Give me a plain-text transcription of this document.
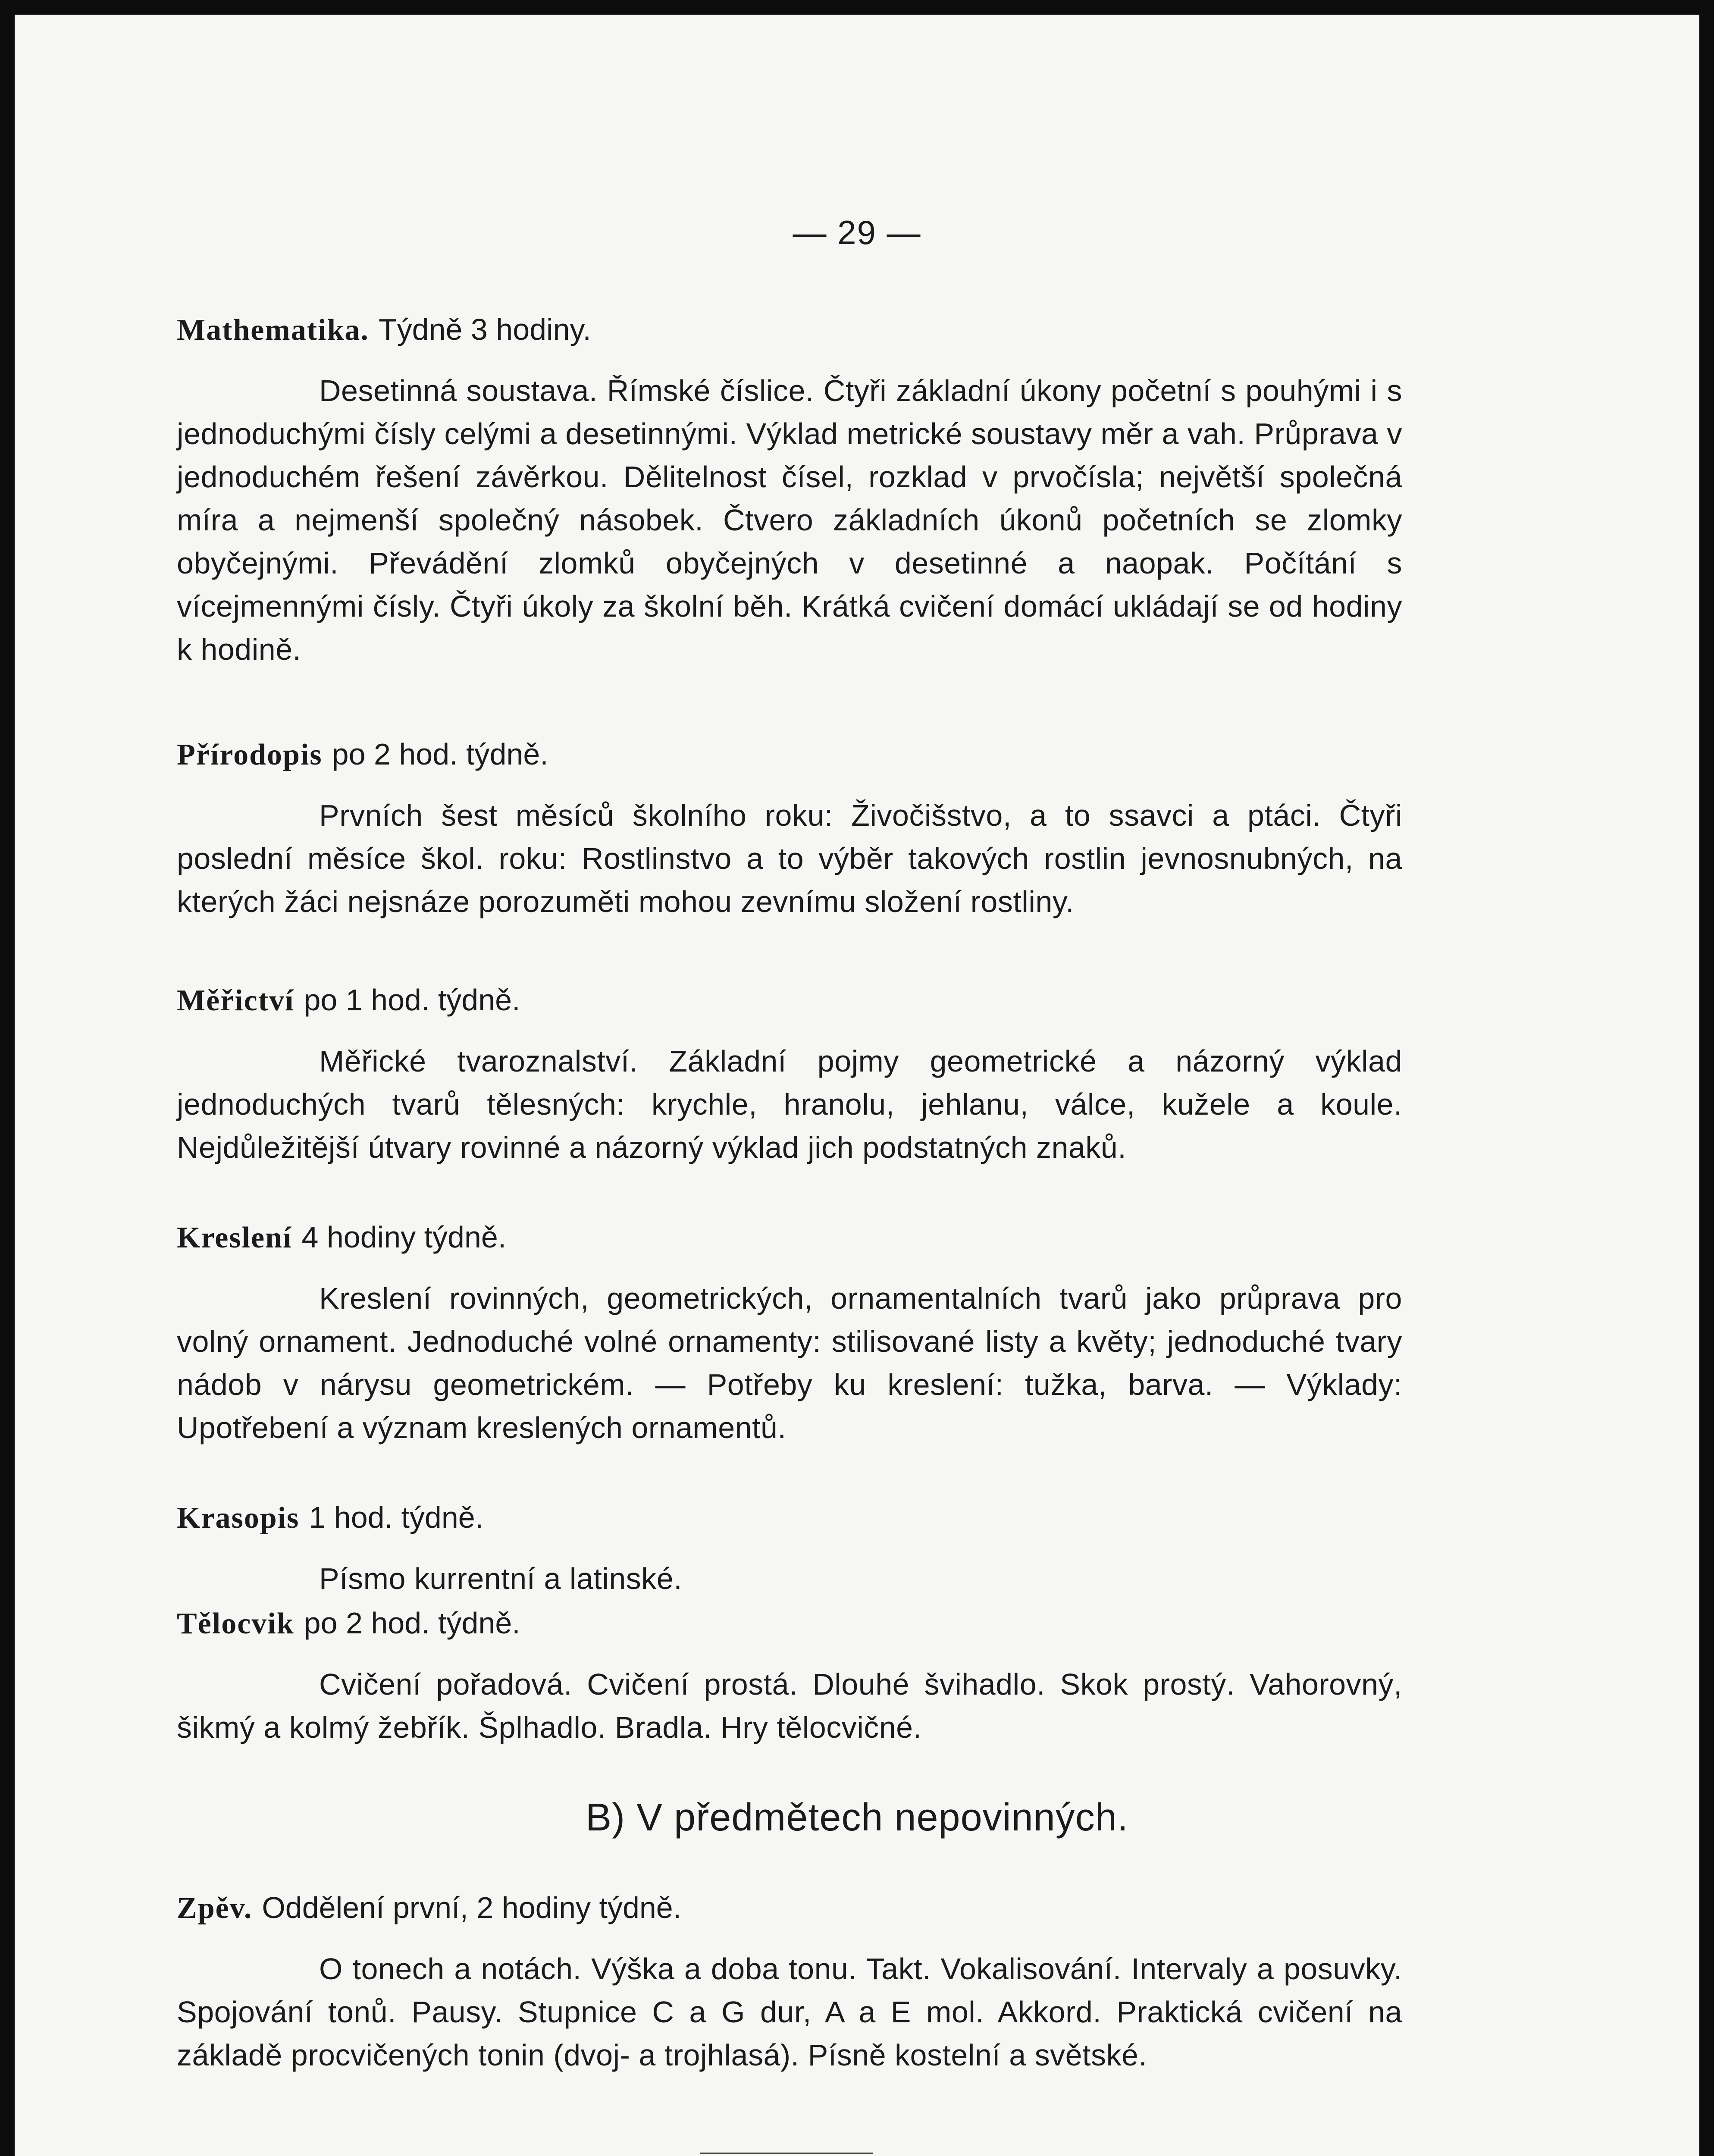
— 29 —

Mathematika. Týdně 3 hodiny.

Desetinná soustava. Římské číslice. Čtyři základní úkony početní s pouhými i s jednoduchými čísly celými a desetinnými. Výklad metrické soustavy měr a vah. Průprava v jednoduchém řešení závěrkou. Dělitelnost čísel, rozklad v prvočísla; největší společná míra a nejmenší společný násobek. Čtvero základních úkonů početních se zlomky obyčejnými. Převádění zlomků obyčejných v desetinné a naopak. Počítání s vícejmennými čísly. Čtyři úkoly za školní běh. Krátká cvičení domácí ukládají se od hodiny k hodině.

Přírodopis po 2 hod. týdně.

Prvních šest měsíců školního roku: Živočišstvo, a to ssavci a ptáci. Čtyři poslední měsíce škol. roku: Rostlinstvo a to výběr takových rostlin jevnosnubných, na kterých žáci nejsnáze porozuměti mohou zevnímu složení rostliny.

Měřictví po 1 hod. týdně.

Měřické tvaroznalství. Základní pojmy geometrické a názorný výklad jednoduchých tvarů tělesných: krychle, hranolu, jehlanu, válce, kužele a koule. Nejdůležitější útvary rovinné a názorný výklad jich podstatných znaků.

Kreslení 4 hodiny týdně.

Kreslení rovinných, geometrických, ornamentalních tvarů jako průprava pro volný ornament. Jednoduché volné ornamenty: stilisované listy a květy; jednoduché tvary nádob v nárysu geometrickém. — Potřeby ku kreslení: tužka, barva. — Výklady: Upotřebení a význam kreslených ornamentů.

Krasopis 1 hod. týdně.

Písmo kurrentní a latinské.

Tělocvik po 2 hod. týdně.

Cvičení pořadová. Cvičení prostá. Dlouhé švihadlo. Skok prostý. Vahorovný, šikmý a kolmý žebřík. Šplhadlo. Bradla. Hry tělocvičné.

B) V předmětech nepovinných.

Zpěv. Oddělení první, 2 hodiny týdně.

O tonech a notách. Výška a doba tonu. Takt. Vokalisování. Intervaly a posuvky. Spojování tonů. Pausy. Stupnice C a G dur, A a E mol. Akkord. Praktická cvičení na základě procvičených tonin (dvoj- a trojhlasá). Písně kostelní a světské.
